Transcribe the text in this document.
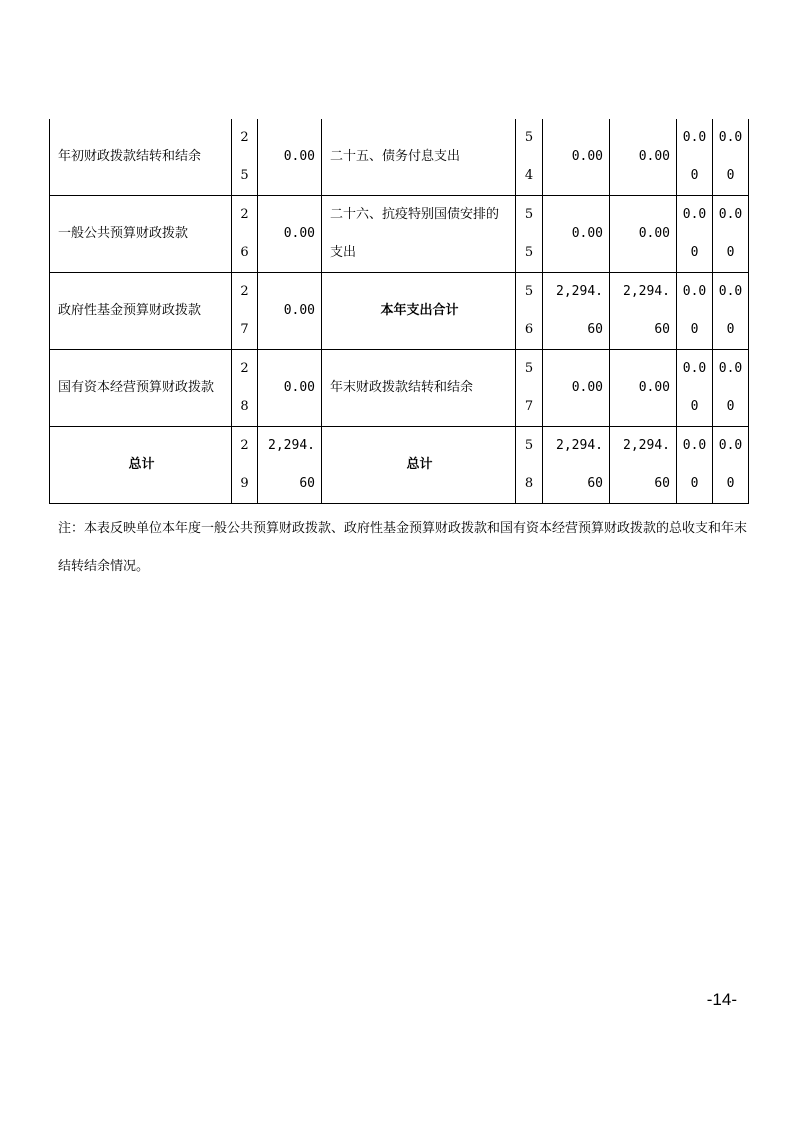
年初财政拨款结转和结余	25	0.00	二十五、债务付息支出	54	0.00	0.00	0.00	0.00
一般公共预算财政拨款	26	0.00	二十六、抗疫特别国债安排的支出	55	0.00	0.00	0.00	0.00
政府性基金预算财政拨款	27	0.00	本年支出合计	56	2,294.60	2,294.60	0.00	0.00
国有资本经营预算财政拨款	28	0.00	年末财政拨款结转和结余	57	0.00	0.00	0.00	0.00
总计	29	2,294.60	总计	58	2,294.60	2,294.60	0.00	0.00
注：本表反映单位本年度一般公共预算财政拨款、政府性基金预算财政拨款和国有资本经营预算财政拨款的总收支和年末结转结余情况。
-14-
